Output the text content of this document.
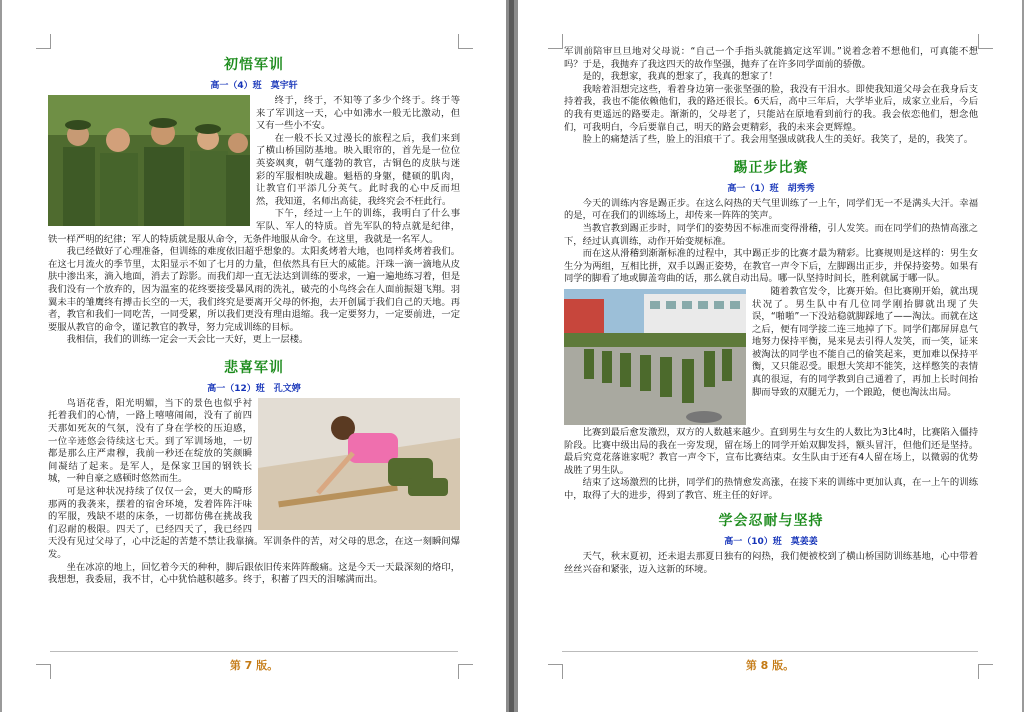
初悟军训
高一（4）班　莫宇轩

终于，终于，不知等了多少个终于。终于等来了军训这一天，心中如沸水一般无比激动，但又有一些小不安。

在一般不长又过漫长的旅程之后，我们来到了横山桥国防基地。映入眼帘的，首先是一位位英姿飒爽，朝气蓬勃的教官，古铜色的皮肤与迷彩的军服相映成趣。魁梧的身躯，健硕的肌肉，让教官们平添几分英气。此时我的心中反而坦然，我知道，名师出高徒，我终究会不枉此行。

下午，经过一上午的训练，我明白了什么事军队、军人的特质。首先军队的特点就是纪律，铁一样严明的纪律；军人的特质就是服从命令，无条件地服从命令。在这里，我就是一名军人。

我已经做好了心理准备，但训练的难度依旧超乎想象的。太阳炙烤着大地，也同样炙烤着我们。在这七月流火的季节里，太阳显示不如了七月的力量，但依然具有巨大的威能。汗珠一滴一滴地从皮肤中渗出来，滴入地面，消去了踪影。而我们却一直无法达到训练的要求，一遍一遍地练习着，但是我们没有一个放弃的，因为温室的花终要接受暴风雨的洗礼，破壳的小鸟终会在人面前振翅飞翔。羽翼未丰的雏鹰终有搏击长空的一天，我们终究是要离开父母的怀抱，去开创属于我们自己的天地。再者，教官和我们一同吃苦，一同受累，所以我们更没有理由退缩。我一定要努力，一定要前进，一定要服从教官的命令，谨记教官的教导，努力完成训练的目标。

我相信，我们的训练一定会一天会比一天好，更上一层楼。

悲喜军训
高一（12）班　孔文婷

鸟语花香，阳光明媚，当下的景色也似乎衬托着我们的心情，一路上嘻嘻闹闹，没有了前四天那如死灰的气氛，没有了身在学校的压迫感，一位辛迹悠会待续这七天。到了军训场地，一切都是那么庄严肃穆，我前一秒还在绽放的笑颜瞬间凝结了起来。是军人，是保家卫国的钢铁长城，一种自豪之感顿时悠然而生。

可是这种状况持续了仅仅一会，更大的畸形那两的我袭来，摆着的宿舍环境，发着阵阵汗味的军服，残缺不堪的床条，一切都仿佛在挑战我们忍耐的极限。四天了，已经四天了，我已经四天没有见过父母了，心中泛起的苦楚不禁让我靠摘。军训条件的苦，对父母的思念，在这一刻瞬间爆发。

坐在冰凉的地上，回忆着今天的种种，脚后跟依旧传来阵阵酸痛。这是今天一天最深刻的烙印，我想想，我委屈，我不甘，心中犹恰越积越多。终于，积蓄了四天的泪嗦满而出。

第 7 版。

军训前陪审旦旦地对父母说：“自己一个手指头就能搞定这军训。”说着念着不想他们，可真能不想吗？于是，我抛弃了我这四天的故作坚强，抛弃了在许多同学面前的骄傲。

是的，我想家，我真的想家了，我真的想家了！

我啥着泪想完这些，看着身边第一张张坚强的脸，我没有干泪水。即使我知道父母会在我身后支持着我，我也不能依赖他们，我的路还很长。6天后，高中三年后，大学毕业后，成家立业后，今后的我有更遥远的路要走。渐渐的，父母老了，只能站在原地看到前行的我。我会依恋他们，想念他们，可我明白，今后要靠自己，明天的路会更精彩，我的未来会更辉煌。

脸上的痛楚活了些，脸上的泪痕干了。我会用坚强成就我人生的美好。我笑了，是的，我笑了。

踢正步比赛
高一（1）班　胡秀秀

今天的训练内容是踢正步。在这么闷热的天气里训练了一上午，同学们无一不是满头大汗。幸福的是，可在我们的训练场上，却传来一阵阵的笑声。

当教官教到踢正步时，同学们的姿势因不标准而变得滑稽，引人发笑。而在同学们的热情高涨之下，经过认真训练，动作开始变规标准。

而在这从滑稽到渐渐标准的过程中，其中踢正步的比赛才最为精彩。比赛规则是这样的：男生女生分为两组，互相比拼，双手以踢正姿势，在教官一声令下后，左脚踢出正步，并保持姿势。如果有同学的脚看了地或脚盖弯曲的话，那么就自动出局。哪一队坚持时间长，胜利就属于哪一队。

随着教官发令，比赛开始。但比赛刚开始，就出现状况了。男生队中有几位同学刚抬脚就出现了失误，“啪啪”一下没站稳就脚踩地了——淘汰。而就在这之后，便有同学接二连三地掉了下。同学们都屏屏息气地努力保持平衡，晃来晃去引得人发笑，而一笑，证来被淘汰的同学也不能自己的偷笑起来，更加难以保持平衡，又只能忍受。眼想大笑却不能笑，这样憋笑的表情真的很逗，有的同学教到自己通着了，再加上长时间抬脚而导致的双腿无力，一个踉跄，便也淘汰出局。

比赛到最后愈发激烈，双方的人数越来越少。直到男生与女生的人数比为3比4时，比赛陷入僵持阶段。比赛中级出局的我在一旁发现，留在场上的同学开始双脚发抖，额头冒汗，但他们还是坚持。最后究竟花落谁家呢？教官一声令下，宣布比赛结束。女生队由于还有4人留在场上，以微弱的优势战胜了男生队。

结束了这场激烈的比拼，同学们的热情愈发高涨，在接下来的训练中更加认真，在一上午的训练中，取得了大的进步，得到了教官、班主任的好评。

学会忍耐与坚持
高一（10）班　莫姜姜

天气，秋末夏初，还未退去那夏日独有的闷热，我们便被校到了横山桥国防训练基地，心中带着丝丝兴奋和紧张，迈入这新的环境。

第 8 版。
